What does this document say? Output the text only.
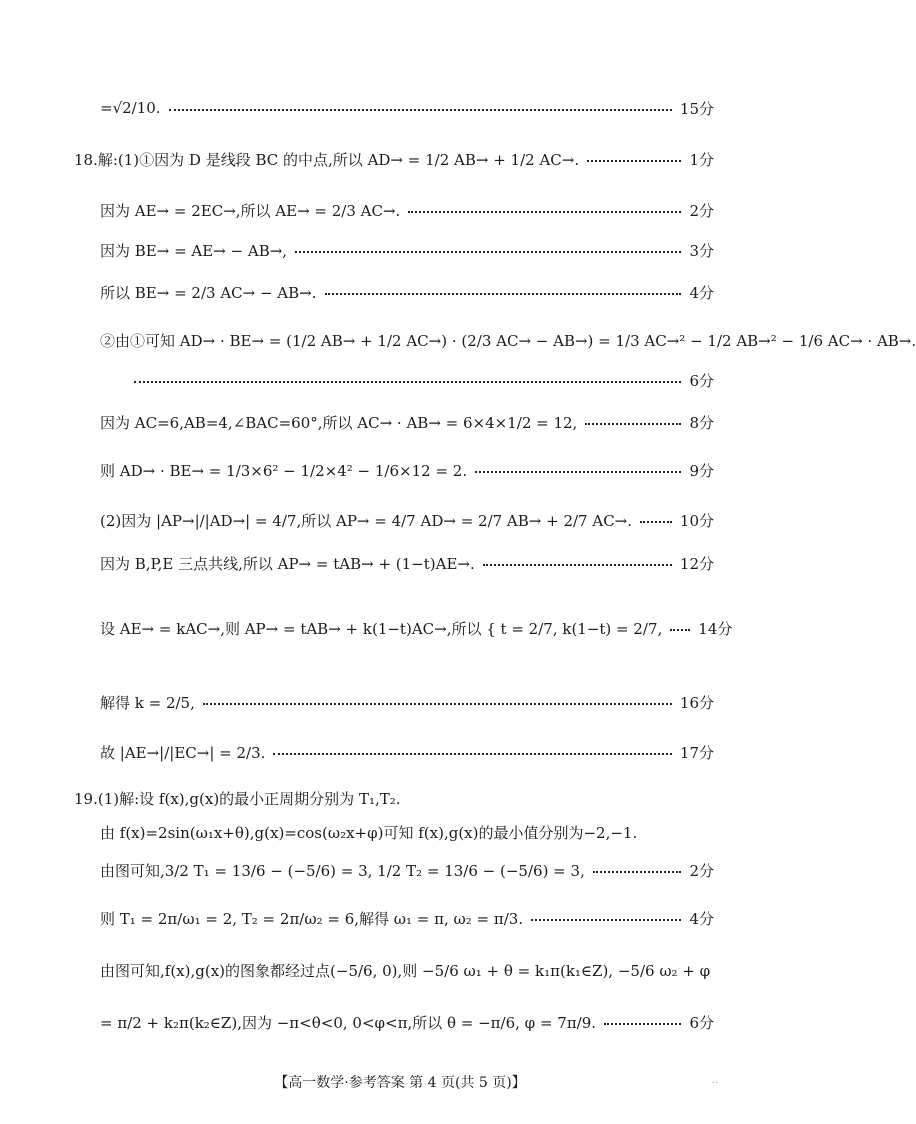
=√2/10.	15分
18.解:(1)①因为 D 是线段 BC 的中点,所以 AD→ = 1/2 AB→ + 1/2 AC→.	1分
因为 AE→ = 2EC→,所以 AE→ = 2/3 AC→.	2分
因为 BE→ = AE→ − AB→,	3分
所以 BE→ = 2/3 AC→ − AB→.	4分
②由①可知 AD→ · BE→ = (1/2 AB→ + 1/2 AC→) · (2/3 AC→ − AB→) = 1/3 AC→² − 1/2 AB→² − 1/6 AC→ · AB→.
6分
因为 AC=6,AB=4,∠BAC=60°,所以 AC→ · AB→ = 6×4×1/2 = 12,	8分
则 AD→ · BE→ = 1/3×6² − 1/2×4² − 1/6×12 = 2.	9分
(2)因为 |AP→|/|AD→| = 4/7,所以 AP→ = 4/7 AD→ = 2/7 AB→ + 2/7 AC→.	10分
因为 B,P,E 三点共线,所以 AP→ = tAB→ + (1−t)AE→.	12分
设 AE→ = kAC→,则 AP→ = tAB→ + k(1−t)AC→,所以 { t = 2/7, k(1−t) = 2/7, 14分
解得 k = 2/5,	16分
故 |AE→|/|EC→| = 2/3.	17分
19.(1)解:设 f(x),g(x)的最小正周期分别为 T₁,T₂.
由 f(x)=2sin(ω₁x+θ),g(x)=cos(ω₂x+φ)可知 f(x),g(x)的最小值分别为−2,−1.
由图可知,3/2 T₁ = 13/6 − (−5/6) = 3, 1/2 T₂ = 13/6 − (−5/6) = 3,	2分
则 T₁ = 2π/ω₁ = 2, T₂ = 2π/ω₂ = 6,解得 ω₁ = π, ω₂ = π/3.	4分
由图可知,f(x),g(x)的图象都经过点(−5/6, 0),则 −5/6 ω₁ + θ = k₁π(k₁∈Z), −5/6 ω₂ + φ
= π/2 + k₂π(k₂∈Z),因为 −π<θ<0, 0<φ<π,所以 θ = −π/6, φ = 7π/9.	6分
【高一数学·参考答案 第 4 页(共 5 页)】	..
